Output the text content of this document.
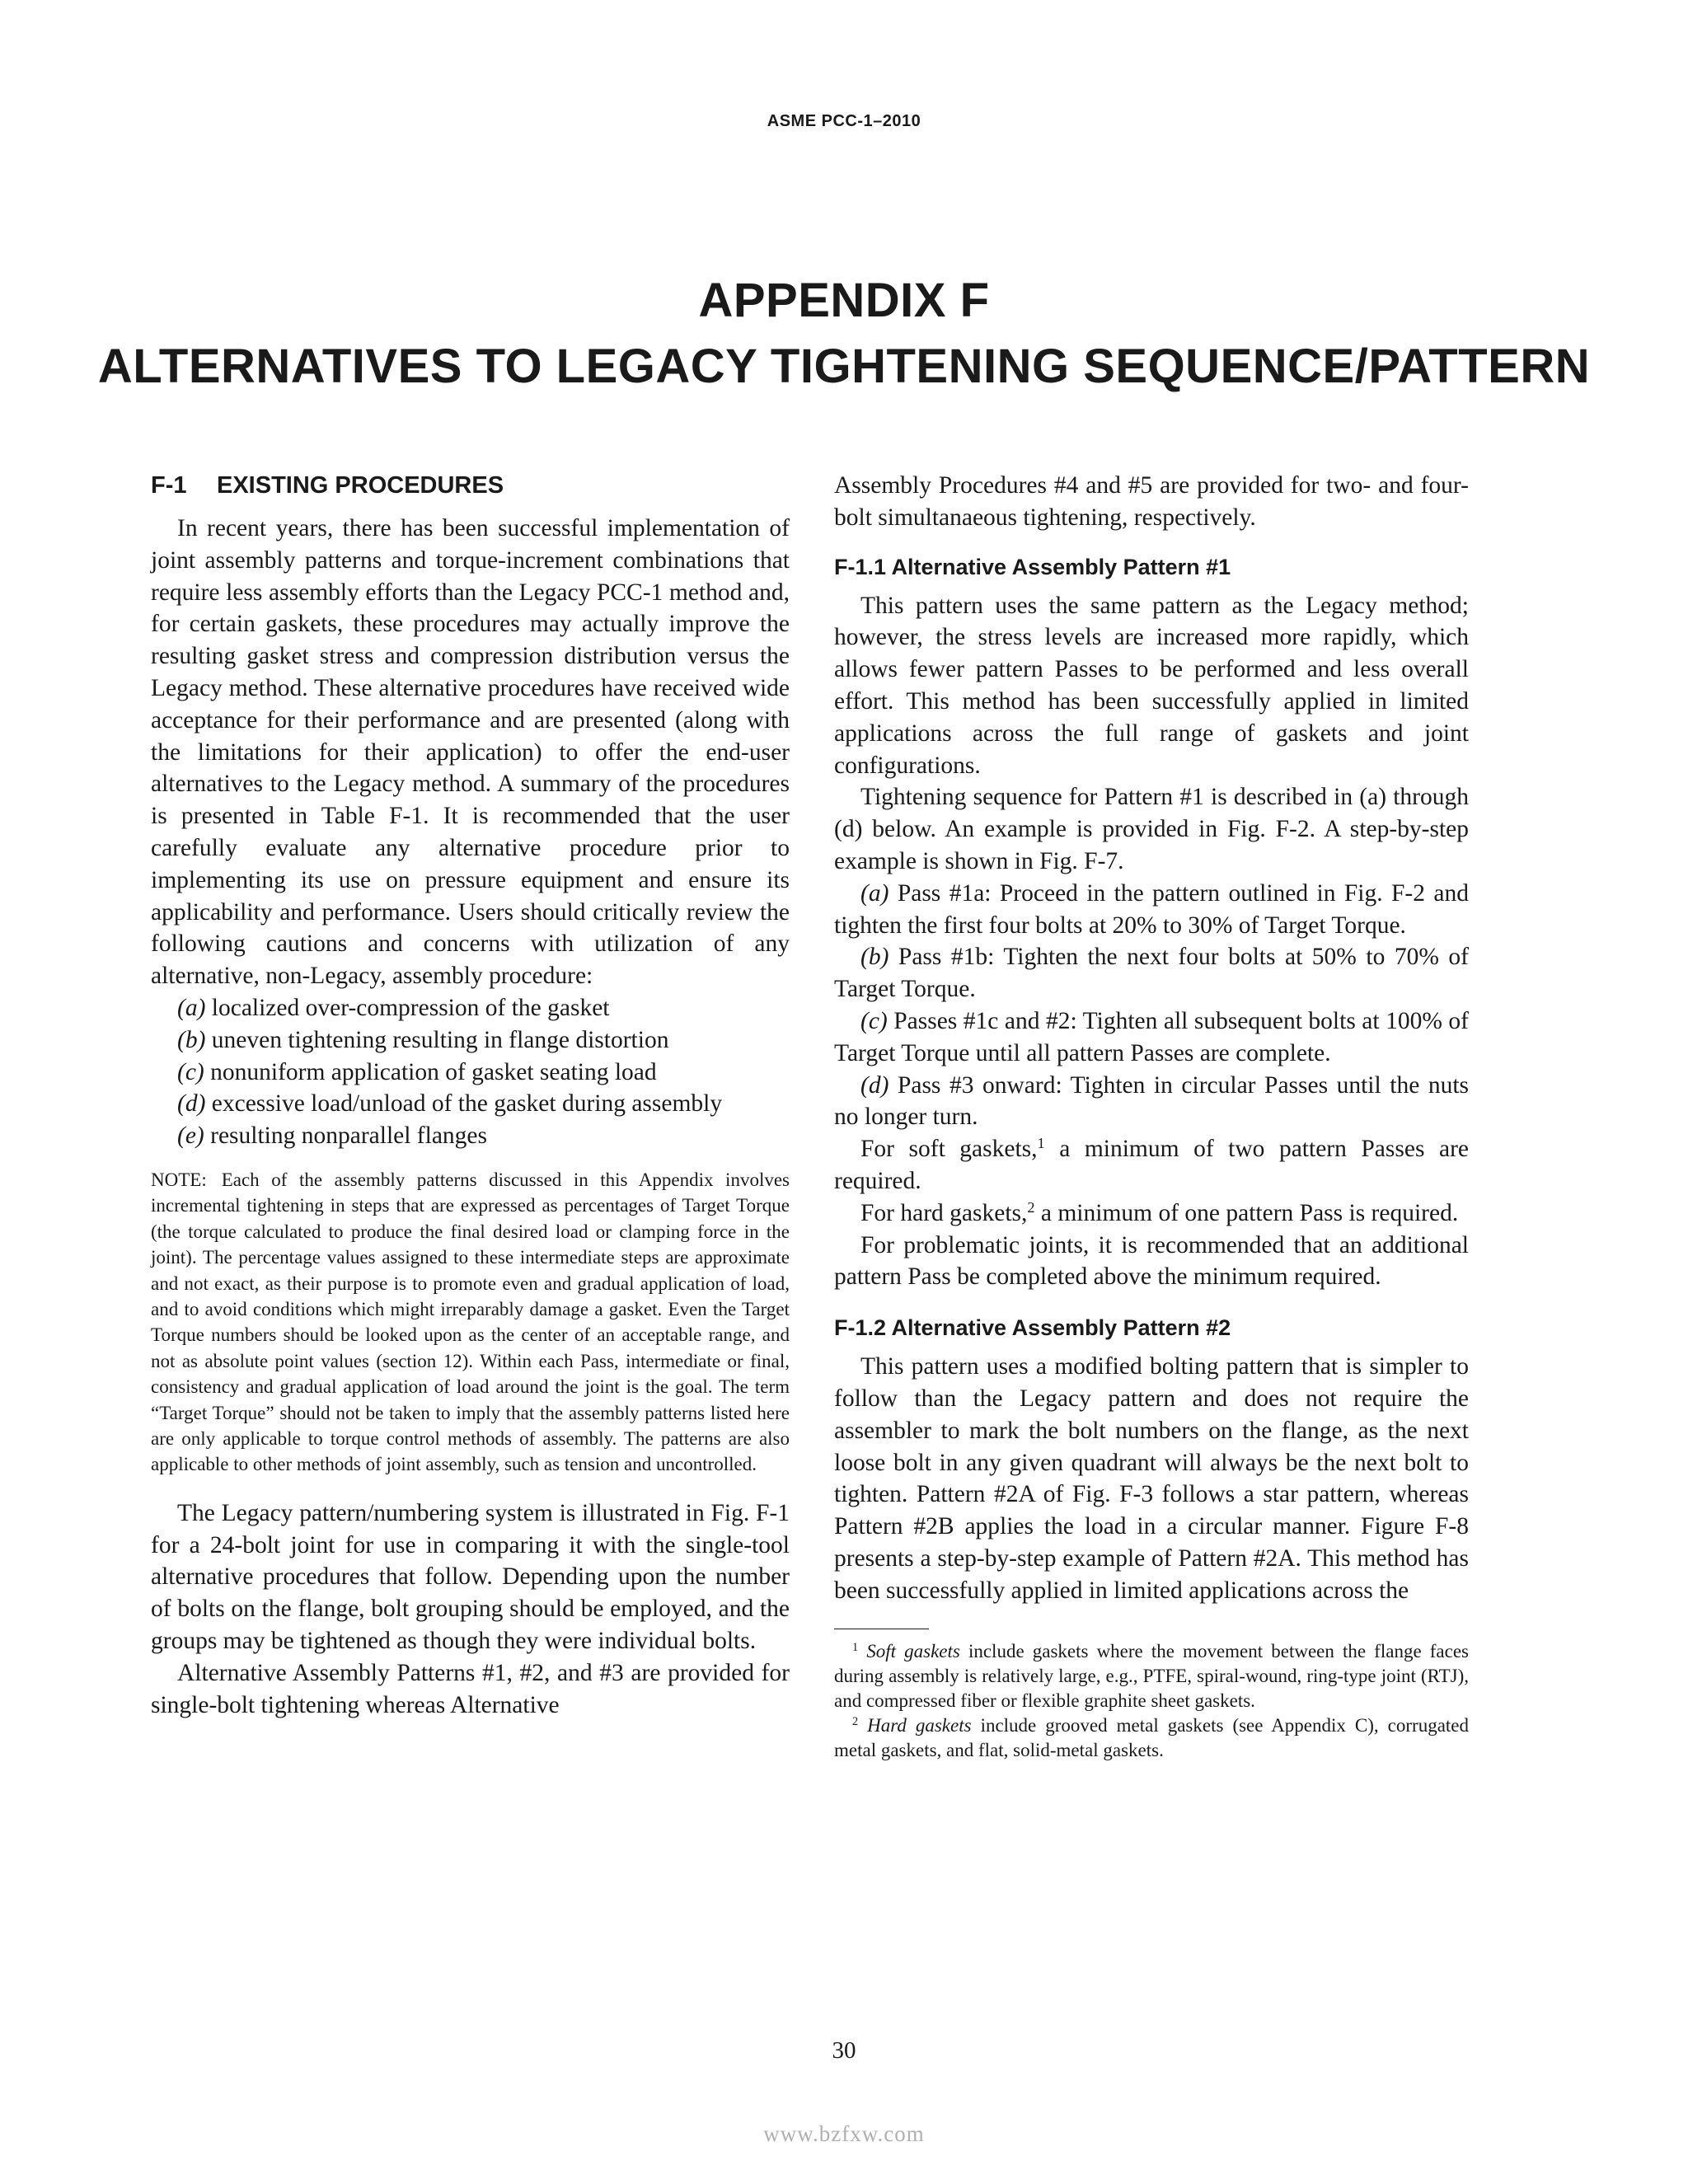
ASME PCC-1–2010
APPENDIX F
ALTERNATIVES TO LEGACY TIGHTENING SEQUENCE/PATTERN
F-1 EXISTING PROCEDURES

In recent years, there has been successful implementation of joint assembly patterns and torque-increment combinations that require less assembly efforts than the Legacy PCC-1 method and, for certain gaskets, these procedures may actually improve the resulting gasket stress and compression distribution versus the Legacy method. These alternative procedures have received wide acceptance for their performance and are presented (along with the limitations for their application) to offer the end-user alternatives to the Legacy method. A summary of the procedures is presented in Table F-1. It is recommended that the user carefully evaluate any alternative procedure prior to implementing its use on pressure equipment and ensure its applicability and performance. Users should critically review the following cautions and concerns with utilization of any alternative, non-Legacy, assembly procedure:

(a) localized over-compression of the gasket

(b) uneven tightening resulting in flange distortion

(c) nonuniform application of gasket seating load

(d) excessive load/unload of the gasket during assembly

(e) resulting nonparallel flanges

NOTE: Each of the assembly patterns discussed in this Appendix involves incremental tightening in steps that are expressed as percentages of Target Torque (the torque calculated to produce the final desired load or clamping force in the joint). The percentage values assigned to these intermediate steps are approximate and not exact, as their purpose is to promote even and gradual application of load, and to avoid conditions which might irreparably damage a gasket. Even the Target Torque numbers should be looked upon as the center of an acceptable range, and not as absolute point values (section 12). Within each Pass, intermediate or final, consistency and gradual application of load around the joint is the goal. The term “Target Torque” should not be taken to imply that the assembly patterns listed here are only applicable to torque control methods of assembly. The patterns are also applicable to other methods of joint assembly, such as tension and uncontrolled.

The Legacy pattern/numbering system is illustrated in Fig. F-1 for a 24-bolt joint for use in comparing it with the single-tool alternative procedures that follow. Depending upon the number of bolts on the flange, bolt grouping should be employed, and the groups may be tightened as though they were individual bolts.

Alternative Assembly Patterns #1, #2, and #3 are provided for single-bolt tightening whereas Alternative

Assembly Procedures #4 and #5 are provided for two- and four-bolt simultanaeous tightening, respectively.

F-1.1 Alternative Assembly Pattern #1

This pattern uses the same pattern as the Legacy method; however, the stress levels are increased more rapidly, which allows fewer pattern Passes to be performed and less overall effort. This method has been successfully applied in limited applications across the full range of gaskets and joint configurations.

Tightening sequence for Pattern #1 is described in (a) through (d) below. An example is provided in Fig. F-2. A step-by-step example is shown in Fig. F-7.

(a) Pass #1a: Proceed in the pattern outlined in Fig. F-2 and tighten the first four bolts at 20% to 30% of Target Torque.

(b) Pass #1b: Tighten the next four bolts at 50% to 70% of Target Torque.

(c) Passes #1c and #2: Tighten all subsequent bolts at 100% of Target Torque until all pattern Passes are complete.

(d) Pass #3 onward: Tighten in circular Passes until the nuts no longer turn.

For soft gaskets,$^1$ a minimum of two pattern Passes are required.

For hard gaskets,$^2$ a minimum of one pattern Pass is required.

For problematic joints, it is recommended that an additional pattern Pass be completed above the minimum required.

F-1.2 Alternative Assembly Pattern #2

This pattern uses a modified bolting pattern that is simpler to follow than the Legacy pattern and does not require the assembler to mark the bolt numbers on the flange, as the next loose bolt in any given quadrant will always be the next bolt to tighten. Pattern #2A of Fig. F-3 follows a star pattern, whereas Pattern #2B applies the load in a circular manner. Figure F-8 presents a step-by-step example of Pattern #2A. This method has been successfully applied in limited applications across the

$^1$ Soft gaskets include gaskets where the movement between the flange faces during assembly is relatively large, e.g., PTFE, spiral-wound, ring-type joint (RTJ), and compressed fiber or flexible graphite sheet gaskets.

$^2$ Hard gaskets include grooved metal gaskets (see Appendix C), corrugated metal gaskets, and flat, solid-metal gaskets.

30
www.bzfxw.com
